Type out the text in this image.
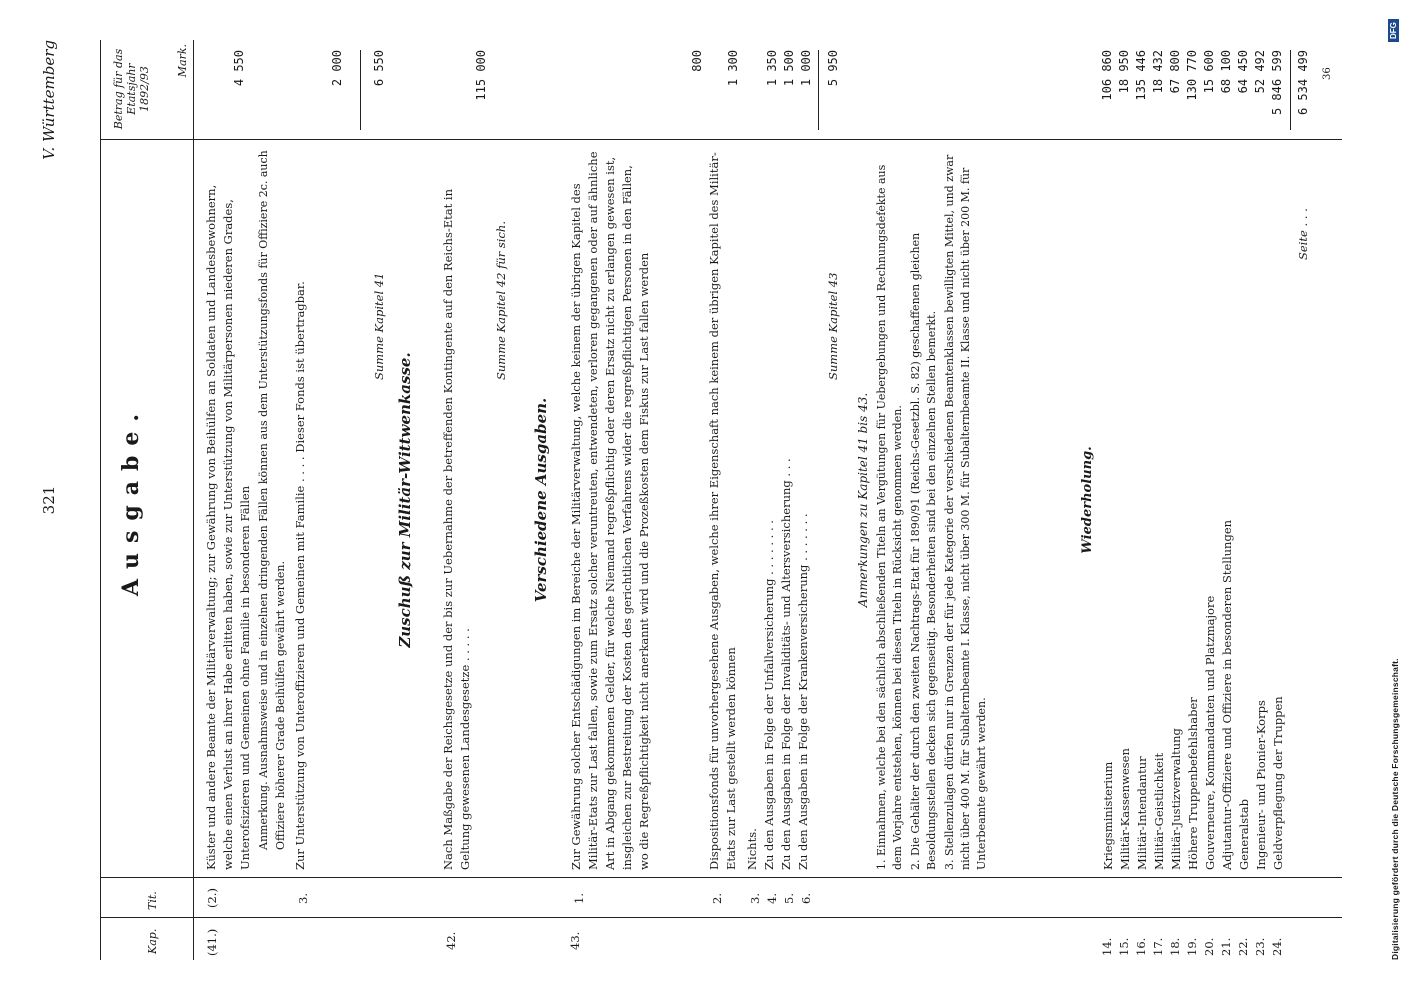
321
V. Württemberg
Ausgabe.
Kap.
Tit.
Betrag für das Etatsjahr 1892/93
Mark.
(41.)
(2.)
Küster und andere Beamte der Militärverwaltung; zur Gewährung von Beihülfen an Soldaten und Landesbewohnern, welche einen Verlust an ihrer Habe erlitten haben, sowie zur Unterstützung von Militärpersonen niederen Grades, Unterofsizieren und Gemeinen ohne Familie in besonderen Fällen Anmerkung. Ausnahmsweise und in einzelnen dringenden Fällen können aus dem Unterstützungsfonds für Offiziere 2c. auch Offiziere höherer Grade Beihülfen gewährt werden.
4 550
3.
Zur Unterstützung von Unteroffizieren und Gemeinen mit Familie . . . . Dieser Fonds ist übertragbar.
2 000
Summe Kapitel 41
6 550
Zuschuß zur Militär-Wittwenkasse.
42.
Nach Maßgabe der Reichsgesetze und der bis zur Uebernahme der betreffenden Kontingente auf den Reichs-Etat in Geltung gewesenen Landesgesetze . . . . .
115 000
Summe Kapitel 42 für sich.
Verschiedene Ausgaben.
43.
1.
Zur Gewährung solcher Entschädigungen im Bereiche der Militärverwaltung, welche keinem der übrigen Kapitel des Militär-Etats zur Last fallen, sowie zum Ersatz solcher veruntreuten, entwendeten, verloren gegangenen oder auf ähnliche Art in Abgang gekommenen Gelder, für welche Niemand regreßpflichtig oder deren Ersatz nicht zu erlangen gewesen ist, insgleichen zur Bestreitung der Kosten des gerichtlichen Verfahrens wider die regreßpflichtigen Personen in den Fällen, wo die Regreßpflichtigkeit nicht anerkannt wird und die Prozeßkosten dem Fiskus zur Last fallen werden
800
2.
Dispositionsfonds für unvorhergesehene Ausgaben, welche ihrer Eigenschaft nach keinem der übrigen Kapitel des Militär-Etats zur Last gestellt werden können
1 300
3.
Nichts.
4.
Zu den Ausgaben in Folge der Unfallversicherung . . . . . . . .
1 350
5.
Zu den Ausgaben in Folge der Invaliditäts- und Altersversicherung . . .
1 500
6.
Zu den Ausgaben in Folge der Krankenversicherung . . . . . . .
1 000
Summe Kapitel 43
5 950
Anmerkungen zu Kapitel 41 bis 43. 1. Einnahmen, welche bei den sächlich abschließenden Titeln an Vergütungen für Uebergebungen und Rechnungsdefekte aus dem Vorjahre entstehen, können bei diesen Titeln in Rücksicht genommen werden. 2. Die Gehälter der durch den zweiten Nachtrags-Etat für 1890/91 (Reichs-Gesetzbl. S. 82) geschaffenen gleichen Besoldungsstellen decken sich gegenseitig. Besonderheiten sind bei den einzelnen Stellen bemerkt. 3. Stellenzulagen dürfen nur in Grenzen der für jede Kategorie der verschiedenen Beamtenklassen bewilligten Mittel, und zwar nicht über 400 M. für Subalternbeamte I. Klasse, nicht über 300 M. für Subalternbeamte II. Klasse und nicht über 200 M. für Unterbeamte gewährt werden.
Wiederholung.
14.
Kriegsministerium
106 860
15.
Militär-Kassenwesen
18 950
16.
Militär-Intendantur
135 446
17.
Militär-Geistlichkeit
18 432
18.
Militär-Justizverwaltung
67 800
19.
Höhere Truppenbefehlshaber
130 770
20.
Gouverneure, Kommandanten und Platzmajore
15 600
21.
Adjutantur-Offiziere und Offiziere in besonderen Stellungen
68 100
22.
Generalstab
64 450
23.
Ingenieur- und Pionier-Korps
52 492
24.
Geldverpflegung der Truppen
5 846 599
Seite . . .
6 534 499 36
Digitalisierung gefördert durch die Deutsche Forschungsgemeinschaft.
DFG
